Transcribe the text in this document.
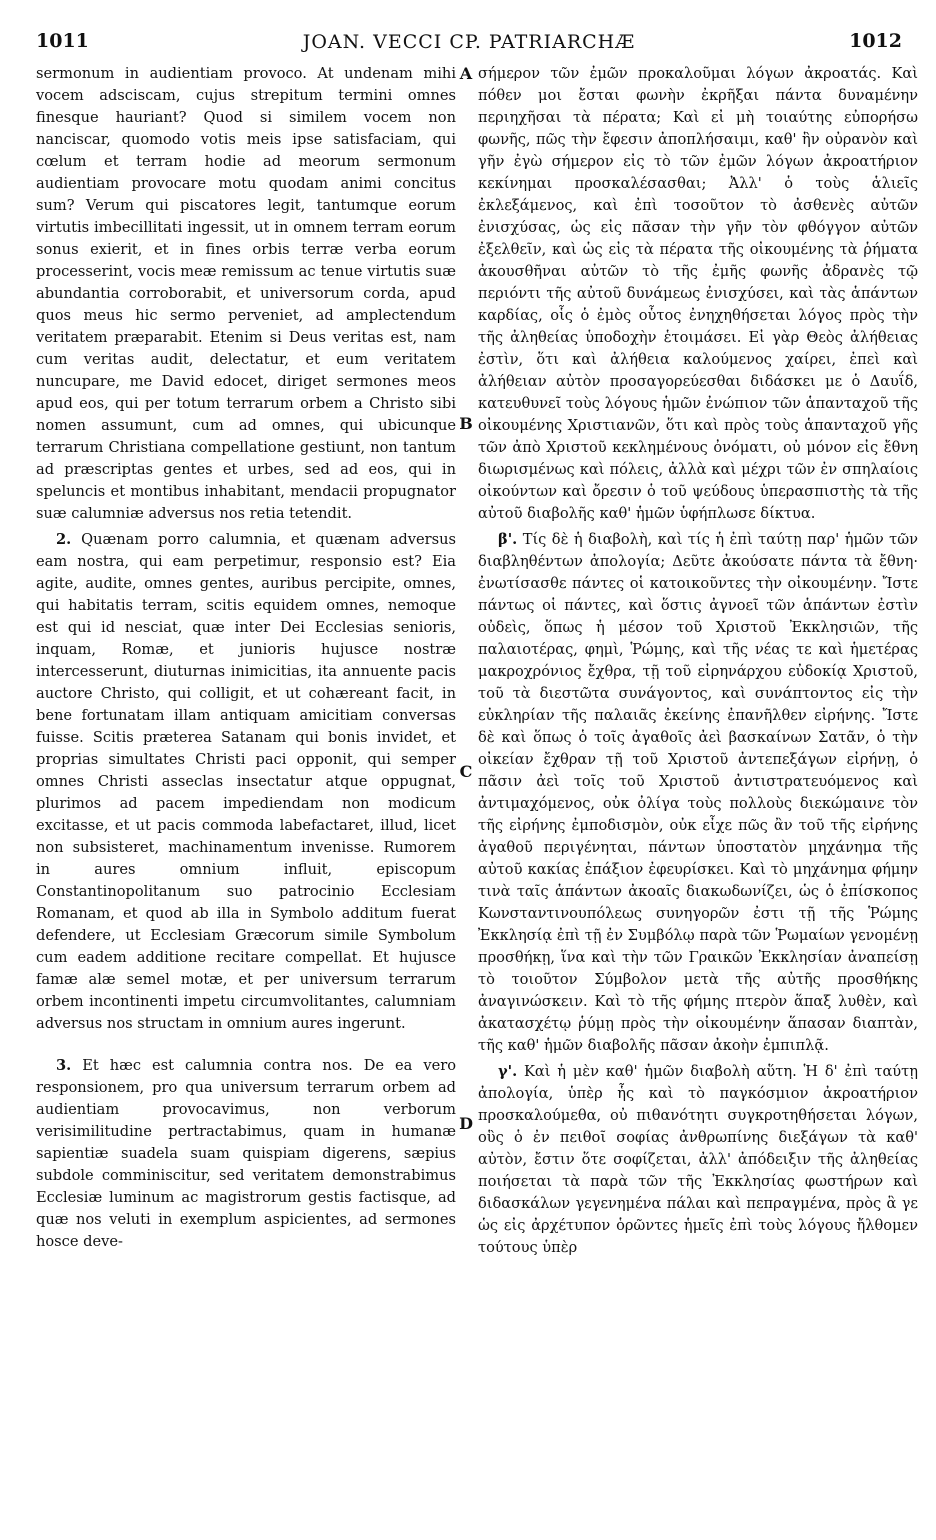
1011	JOAN. VECCI CP. PATRIARCHÆ	1012

sermonum in audientiam provoco. At undenam mihi vocem adsciscam, cujus strepitum termini omnes finesque hauriant? Quod si similem vocem non nanciscar, quomodo votis meis ipse satisfaciam, qui cœlum et terram hodie ad meorum sermonum audientiam provocare motu quodam animi concitus sum? Verum qui piscatores legit, tantumque eorum virtutis imbecillitati ingessit, ut in omnem terram eorum sonus exierit, et in fines orbis terræ verba eorum processerint, vocis meæ remissum ac tenue virtutis suæ abundantia corroborabit, et universorum corda, apud quos meus hic sermo perveniet, ad amplectendum veritatem præparabit. Etenim si Deus veritas est, nam cum veritas audit, delectatur, et eum veritatem nuncupare, me David edocet, diriget sermones meos apud eos, qui per totum terrarum orbem a Christo sibi nomen assumunt, cum ad omnes, qui ubicunque terrarum Christiana compellatione gestiunt, non tantum ad præscriptas gentes et urbes, sed ad eos, qui in speluncis et montibus inhabitant, mendacii propugnator suæ calumniæ adversus nos retia tetendit.

2. Quænam porro calumnia, et quænam adversus eam nostra, qui eam perpetimur, responsio est? Eia agite, audite, omnes gentes, auribus percipite, omnes, qui habitatis terram, scitis equidem omnes, nemoque est qui id nesciat, quæ inter Dei Ecclesias senioris, inquam, Romæ, et junioris hujusce nostræ intercesserunt, diuturnas inimicitias, ita annuente pacis auctore Christo, qui colligit, et ut cohæreant facit, in bene fortunatam illam antiquam amicitiam conversas fuisse. Scitis præterea Satanam qui bonis invidet, et proprias simultates Christi paci opponit, qui semper omnes Christi asseclas insectatur atque oppugnat, plurimos ad pacem impediendam non modicum excitasse, et ut pacis commoda labefactaret, illud, licet non subsisteret, machinamentum invenisse. Rumorem in aures omnium influit, episcopum Constantinopolitanum suo patrocinio Ecclesiam Romanam, et quod ab illa in Symbolo additum fuerat defendere, ut Ecclesiam Græcorum simile Symbolum cum eadem additione recitare compellat. Et hujusce famæ alæ semel motæ, et per universum terrarum orbem incontinenti impetu circumvolitantes, calumniam adversus nos structam in omnium aures ingerunt.

3. Et hæc est calumnia contra nos. De ea vero responsionem, pro qua universum terrarum orbem ad audientiam provocavimus, non verborum verisimilitudine pertractabimus, quam in humanæ sapientiæ suadela suam quispiam digerens, sæpius subdole comminiscitur, sed veritatem demonstrabimus Ecclesiæ luminum ac magistrorum gestis factisque, ad quæ nos veluti in exemplum aspicientes, ad sermones hosce deve-

A
B
C
D

σήμερον τῶν ἐμῶν προκαλοῦμαι λόγων ἀκροατάς. Καὶ πόθεν μοι ἔσται φωνὴν ἐκρῆξαι πάντα δυναμένην περιηχῆσαι τὰ πέρατα; Καὶ εἰ μὴ τοιαύτης εὐπορήσω φωνῆς, πῶς τὴν ἔφεσιν ἀποπλήσαιμι, καθ' ἣν οὐρανὸν καὶ γῆν ἐγὼ σήμερον εἰς τὸ τῶν ἐμῶν λόγων ἀκροατήριον κεκίνημαι προσκαλέσασθαι; Ἀλλ' ὁ τοὺς ἁλιεῖς ἐκλεξάμενος, καὶ ἐπὶ τοσοῦτον τὸ ἀσθενὲς αὐτῶν ἐνισχύσας, ὡς εἰς πᾶσαν τὴν γῆν τὸν φθόγγον αὐτῶν ἐξελθεῖν, καὶ ὡς εἰς τὰ πέρατα τῆς οἰκουμένης τὰ ῥήματα ἀκουσθῆναι αὐτῶν τὸ τῆς ἐμῆς φωνῆς ἀδρανὲς τῷ περιόντι τῆς αὐτοῦ δυνάμεως ἐνισχύσει, καὶ τὰς ἁπάντων καρδίας, οἷς ὁ ἐμὸς οὗτος ἐνηχηθήσεται λόγος πρὸς τὴν τῆς ἀληθείας ὑποδοχὴν ἑτοιμάσει. Εἰ γὰρ Θεὸς ἀλήθειας ἐστὶν, ὅτι καὶ ἀλήθεια καλούμενος χαίρει, ἐπεὶ καὶ ἀλήθειαν αὐτὸν προσαγορεύεσθαι διδάσκει με ὁ Δαυΐδ, κατευθυνεῖ τοὺς λόγους ἡμῶν ἐνώπιον τῶν ἁπανταχοῦ τῆς οἰκουμένης Χριστιανῶν, ὅτι καὶ πρὸς τοὺς ἁπανταχοῦ γῆς τῶν ἀπὸ Χριστοῦ κεκλημένους ὀνόματι, οὐ μόνον εἰς ἔθνη διωρισμένως καὶ πόλεις, ἀλλὰ καὶ μέχρι τῶν ἐν σπηλαίοις οἰκούντων καὶ ὄρεσιν ὁ τοῦ ψεύδους ὑπερασπιστὴς τὰ τῆς αὐτοῦ διαβολῆς καθ' ἡμῶν ὑφήπλωσε δίκτυα.

β'. Τίς δὲ ἡ διαβολὴ, καὶ τίς ἡ ἐπὶ ταύτῃ παρ' ἡμῶν τῶν διαβληθέντων ἀπολογία; Δεῦτε ἀκούσατε πάντα τὰ ἔθνη· ἐνωτίσασθε πάντες οἱ κατοικοῦντες τὴν οἰκουμένην. Ἴστε πάντως οἱ πάντες, καὶ ὅστις ἀγνοεῖ τῶν ἁπάντων ἐστὶν οὐδεὶς, ὅπως ἡ μέσον τοῦ Χριστοῦ Ἐκκλησιῶν, τῆς παλαιοτέρας, φημὶ, Ῥώμης, καὶ τῆς νέας τε καὶ ἡμετέρας μακροχρόνιος ἔχθρα, τῇ τοῦ εἰρηνάρχου εὐδοκίᾳ Χριστοῦ, τοῦ τὰ διεστῶτα συνάγοντος, καὶ συνάπτοντος εἰς τὴν εὐκληρίαν τῆς παλαιᾶς ἐκείνης ἐπανῆλθεν εἰρήνης. Ἴστε δὲ καὶ ὅπως ὁ τοῖς ἀγαθοῖς ἀεὶ βασκαίνων Σατᾶν, ὁ τὴν οἰκείαν ἔχθραν τῇ τοῦ Χριστοῦ ἀντεπεξάγων εἰρήνῃ, ὁ πᾶσιν ἀεὶ τοῖς τοῦ Χριστοῦ ἀντιστρατευόμενος καὶ ἀντιμαχόμενος, οὐκ ὀλίγα τοὺς πολλοὺς διεκώμαινε τὸν τῆς εἰρήνης ἐμποδισμὸν, οὐκ εἶχε πῶς ἂν τοῦ τῆς εἰρήνης ἀγαθοῦ περιγένηται, πάντων ὑποστατὸν μηχάνημα τῆς αὐτοῦ κακίας ἐπάξιον ἐφευρίσκει. Καὶ τὸ μηχάνημα φήμην τινὰ ταῖς ἁπάντων ἀκοαῖς διακωδωνίζει, ὡς ὁ ἐπίσκοπος Κωνσταντινουπόλεως συνηγορῶν ἐστι τῇ τῆς Ῥώμης Ἐκκλησίᾳ ἐπὶ τῇ ἐν Συμβόλῳ παρὰ τῶν Ῥωμαίων γενομένῃ προσθήκῃ, ἵνα καὶ τὴν τῶν Γραικῶν Ἐκκλησίαν ἀναπείσῃ τὸ τοιοῦτον Σύμβολον μετὰ τῆς αὐτῆς προσθήκης ἀναγινώσκειν. Καὶ τὸ τῆς φήμης πτερὸν ἅπαξ λυθὲν, καὶ ἀκατασχέτῳ ῥύμῃ πρὸς τὴν οἰκουμένην ἅπασαν διαπτὰν, τῆς καθ' ἡμῶν διαβολῆς πᾶσαν ἀκοὴν ἐμπιπλᾷ.

γ'. Καὶ ἡ μὲν καθ' ἡμῶν διαβολὴ αὕτη. Ἡ δ' ἐπὶ ταύτῃ ἀπολογία, ὑπὲρ ἧς καὶ τὸ παγκόσμιον ἀκροατήριον προσκαλούμεθα, οὐ πιθανότητι συγκροτηθήσεται λόγων, οὓς ὁ ἐν πειθοῖ σοφίας ἀνθρωπίνης διεξάγων τὰ καθ' αὐτὸν, ἔστιν ὅτε σοφίζεται, ἀλλ' ἀπόδειξιν τῆς ἀληθείας ποιήσεται τὰ παρὰ τῶν τῆς Ἐκκλησίας φωστήρων καὶ διδασκάλων γεγενημένα πάλαι καὶ πεπραγμένα, πρὸς ἃ γε ὡς εἰς ἀρχέτυπον ὁρῶντες ἡμεῖς ἐπὶ τοὺς λόγους ἤλθομεν τούτους ὑπὲρ
